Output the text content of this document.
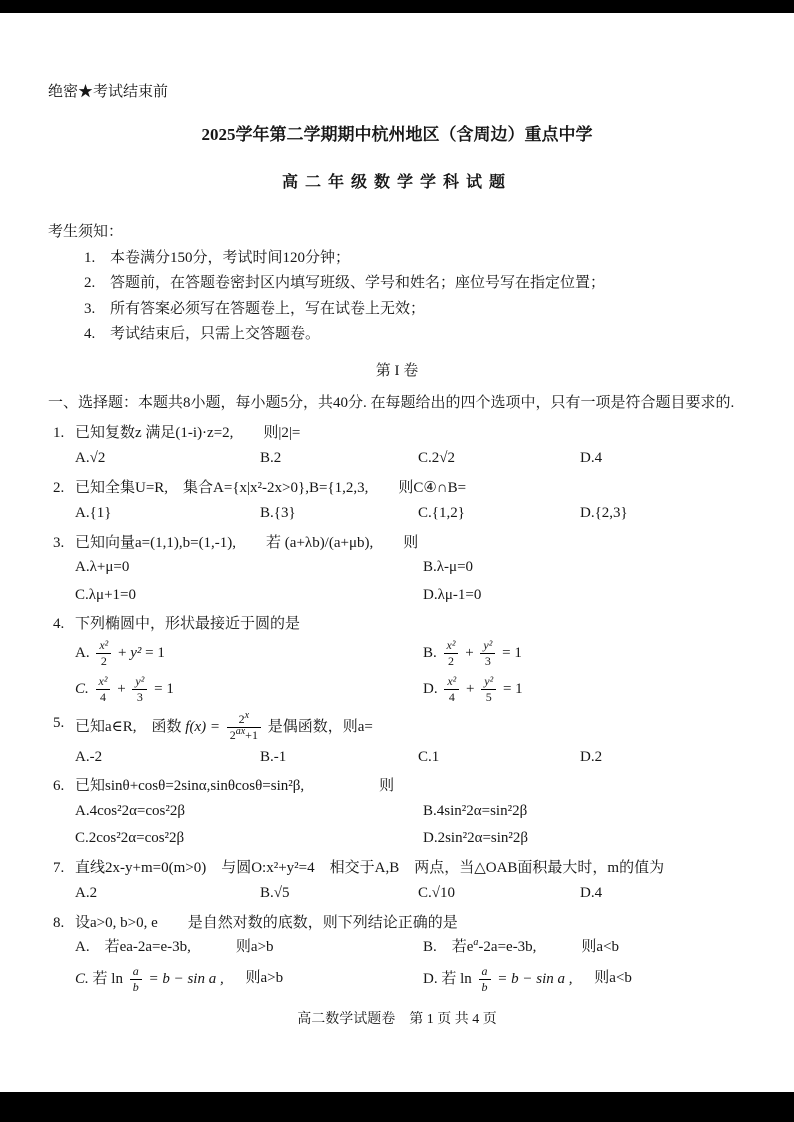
绝密★考试结束前
2025学年第二学期期中杭州地区（含周边）重点中学
高二年级数学学科试题
考生须知：
1. 本卷满分150分，考试时间120分钟；
2. 答题前，在答题卷密封区内填写班级、学号和姓名；座位号写在指定位置；
3. 所有答案必须写在答题卷上，写在试卷上无效；
4. 考试结束后，只需上交答题卷。
第 I 卷
一、选择题：本题共8小题，每小题5分，共40分. 在每题给出的四个选项中，只有一项是符合题目要求的.
1. 已知复数z 满足(1-i)·z=2,　　则|2|=
A.√2	B.2	C.2√2	D.4
2. 已知全集U=R,　集合A={x|x²-2x>0},B={1,2,3,　　则C④∩B=
A.{1}	B.{3}	C.{1,2}	D.{2,3}
3. 已知向量a=(1,1),b=(1,-1),　　若 (a+λb)/(a+μb),　　则
A.λ+μ=0	B.λ-μ=0
C.λμ+1=0	D.λμ-1=0
4. 下列椭圆中，形状最接近于圆的是
A. $\frac{\text{x²}}{2} + y^2 = 1$	B. $\frac{\text{x²}}{2} + \frac{\text{y²}}{3} = 1$
C. $\frac{\text{x²}}{4} + \frac{\text{y²}}{3} = 1$	D. $\frac{\text{x²}}{4} + \frac{\text{y²}}{5} = 1$
5. 已知a∈R,　函数 $f(x) = \frac{2^x}{2^{ax}+1}$ 是偶函数，则a=
A.-2	B.-1	C.1	D.2
6. 已知sinθ+cosθ=2sinα,sinθcosθ=sin²β,　　　　　则
A.4cos²2α=cos²2β	B.4sin²2α=sin²2β
C.2cos²2α=cos²2β	D.2sin²2α=sin²2β
7. 直线2x-y+m=0(m>0)　与圆O:x²+y²=4　相交于A,B　两点，当△OAB面积最大时，m的值为
A.2	B.√5	C.√10	D.4
8. 设a>0, b>0, e　　是自然对数的底数，则下列结论正确的是
A.　若ea-2a=e-3b,　　　则a>b	B.　若$e^a-2a=e-3b$,　　　则a<b
C. 若 $\ln \frac{a}{b} = b - \sin a$ , 则a>b	D. 若 $\ln \frac{a}{b} = b - \sin a$ , 则a<b
高二数学试题卷　第 1 页 共 4 页
